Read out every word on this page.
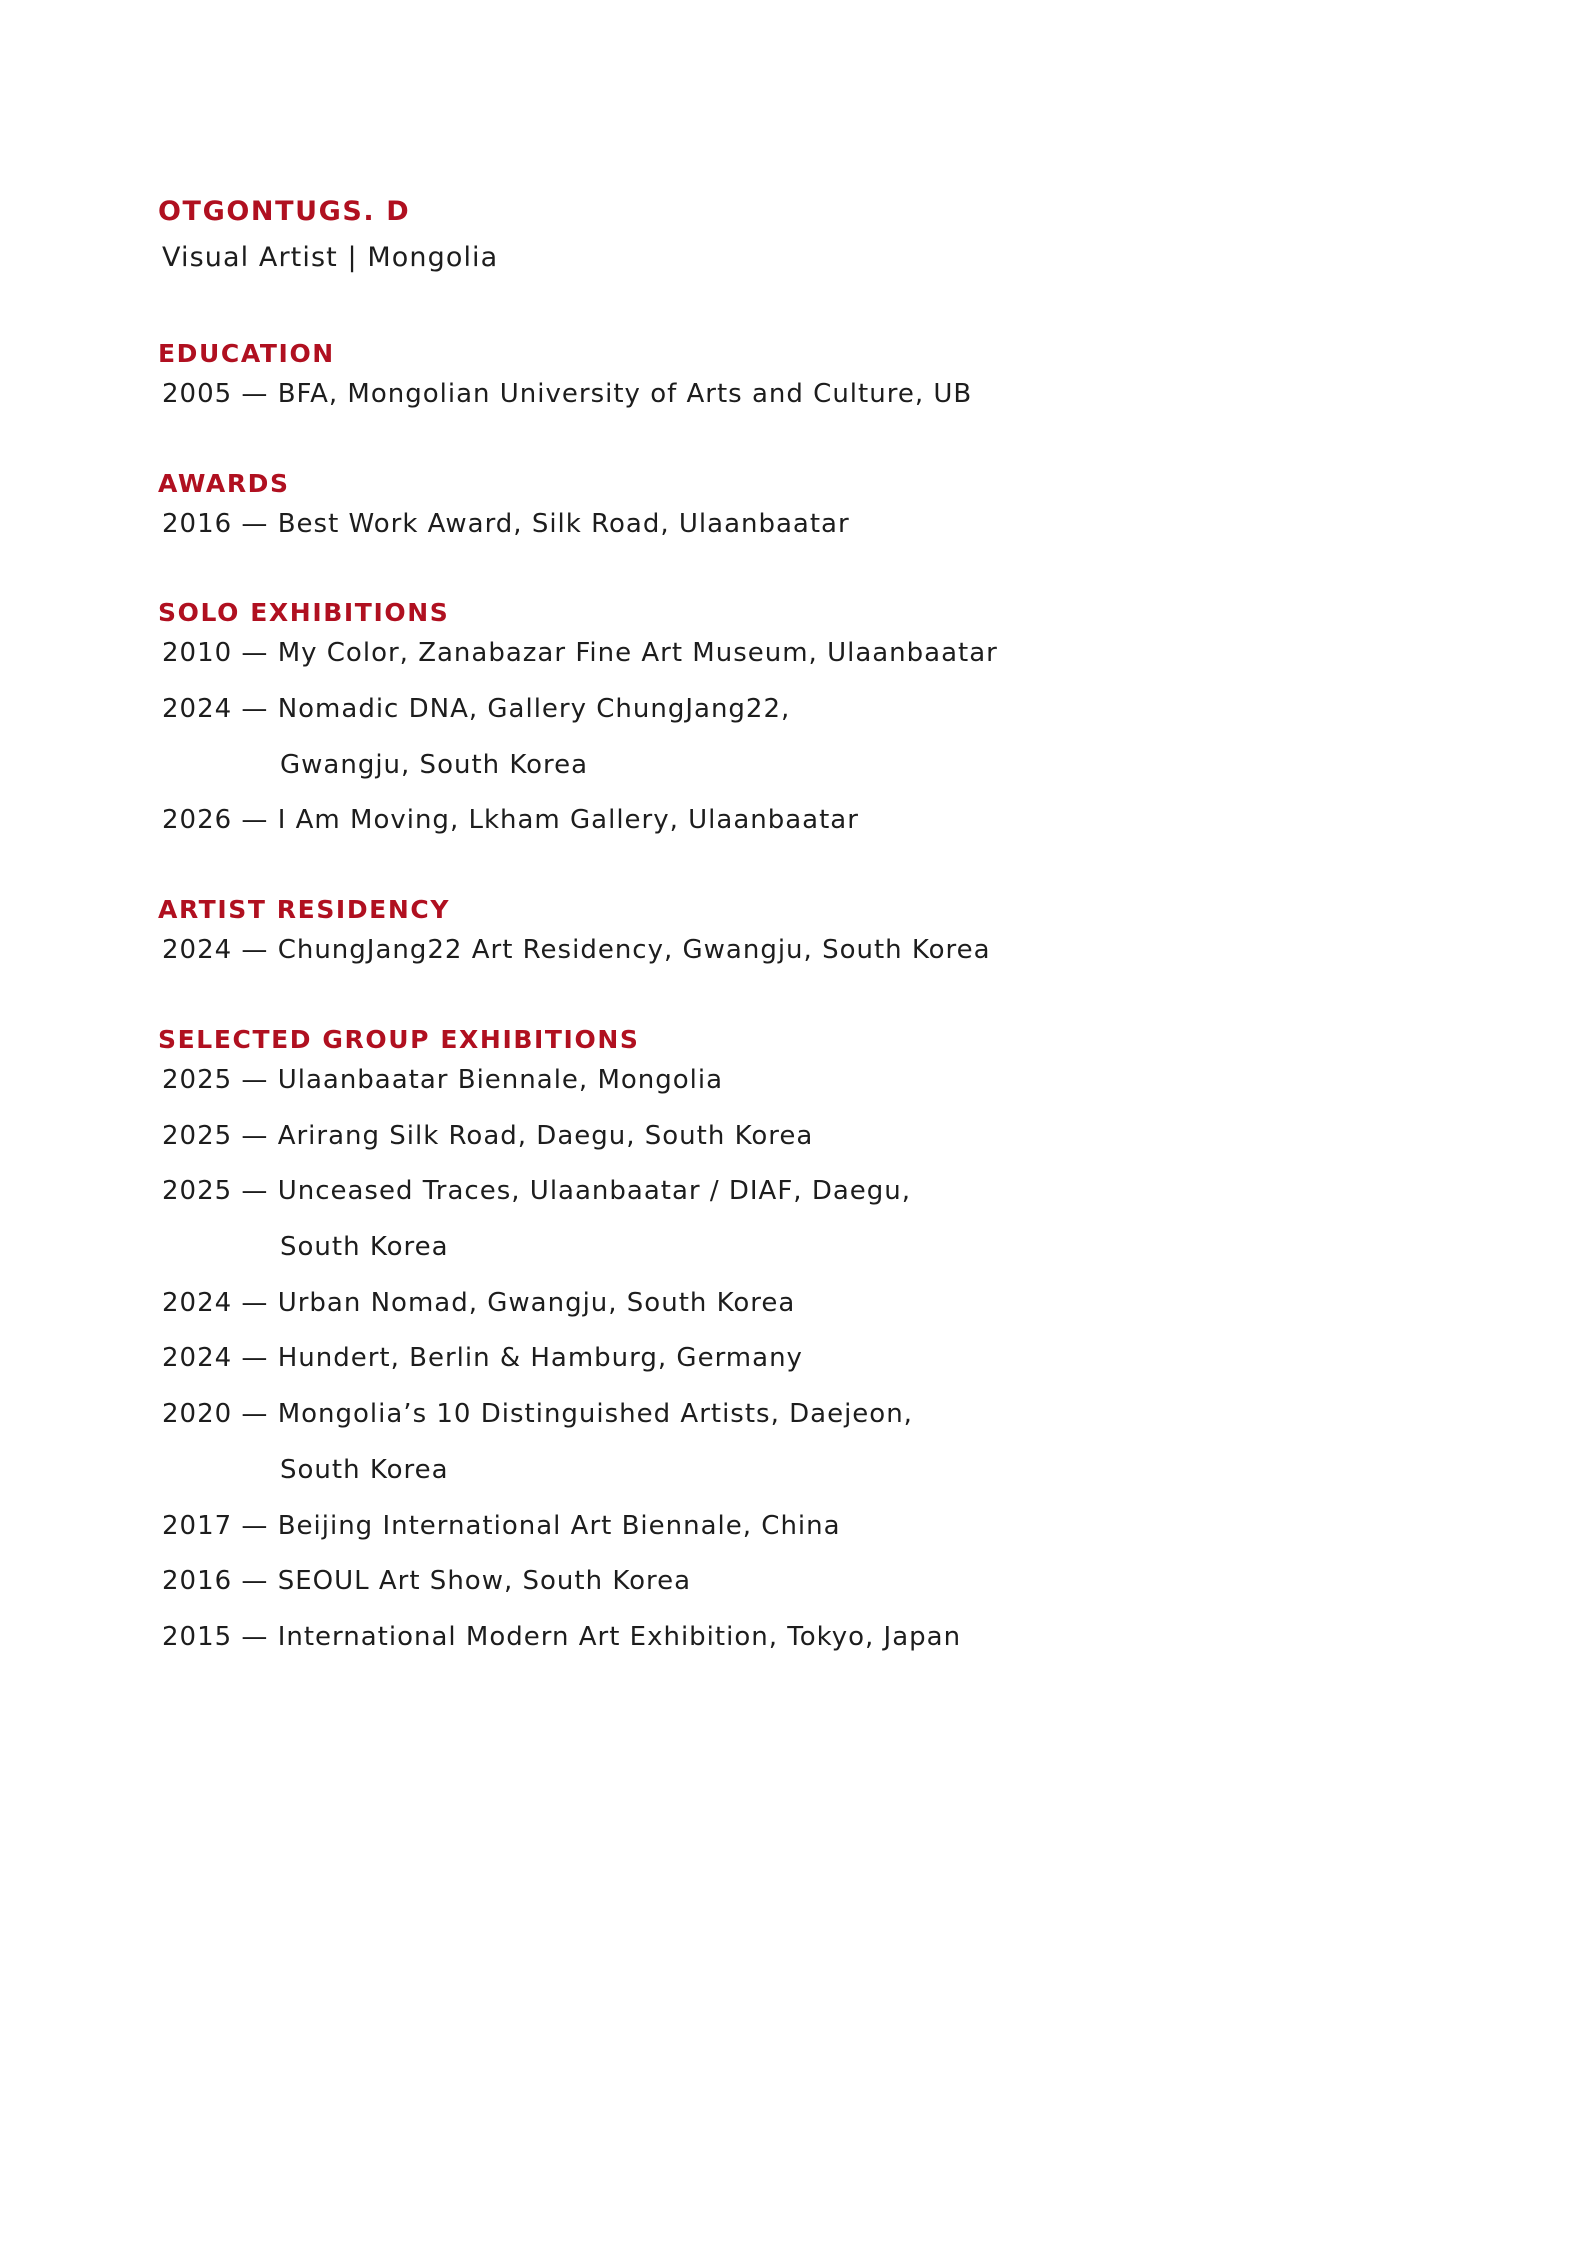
OTGONTUGS. D
Visual Artist | Mongolia
EDUCATION
2005 — BFA, Mongolian University of Arts and Culture, UB
AWARDS
2016 — Best Work Award, Silk Road, Ulaanbaatar
SOLO EXHIBITIONS
2010 — My Color, Zanabazar Fine Art Museum, Ulaanbaatar
2024 — Nomadic DNA, Gallery ChungJang22,
Gwangju, South Korea
2026 — I Am Moving, Lkham Gallery, Ulaanbaatar
ARTIST RESIDENCY
2024 — ChungJang22 Art Residency, Gwangju, South Korea
SELECTED GROUP EXHIBITIONS
2025 — Ulaanbaatar Biennale, Mongolia
2025 — Arirang Silk Road, Daegu, South Korea
2025 — Unceased Traces, Ulaanbaatar / DIAF, Daegu,
South Korea
2024 — Urban Nomad, Gwangju, South Korea
2024 — Hundert, Berlin & Hamburg, Germany
2020 — Mongolia’s 10 Distinguished Artists, Daejeon,
South Korea
2017 — Beijing International Art Biennale, China
2016 — SEOUL Art Show, South Korea
2015 — International Modern Art Exhibition, Tokyo, Japan
